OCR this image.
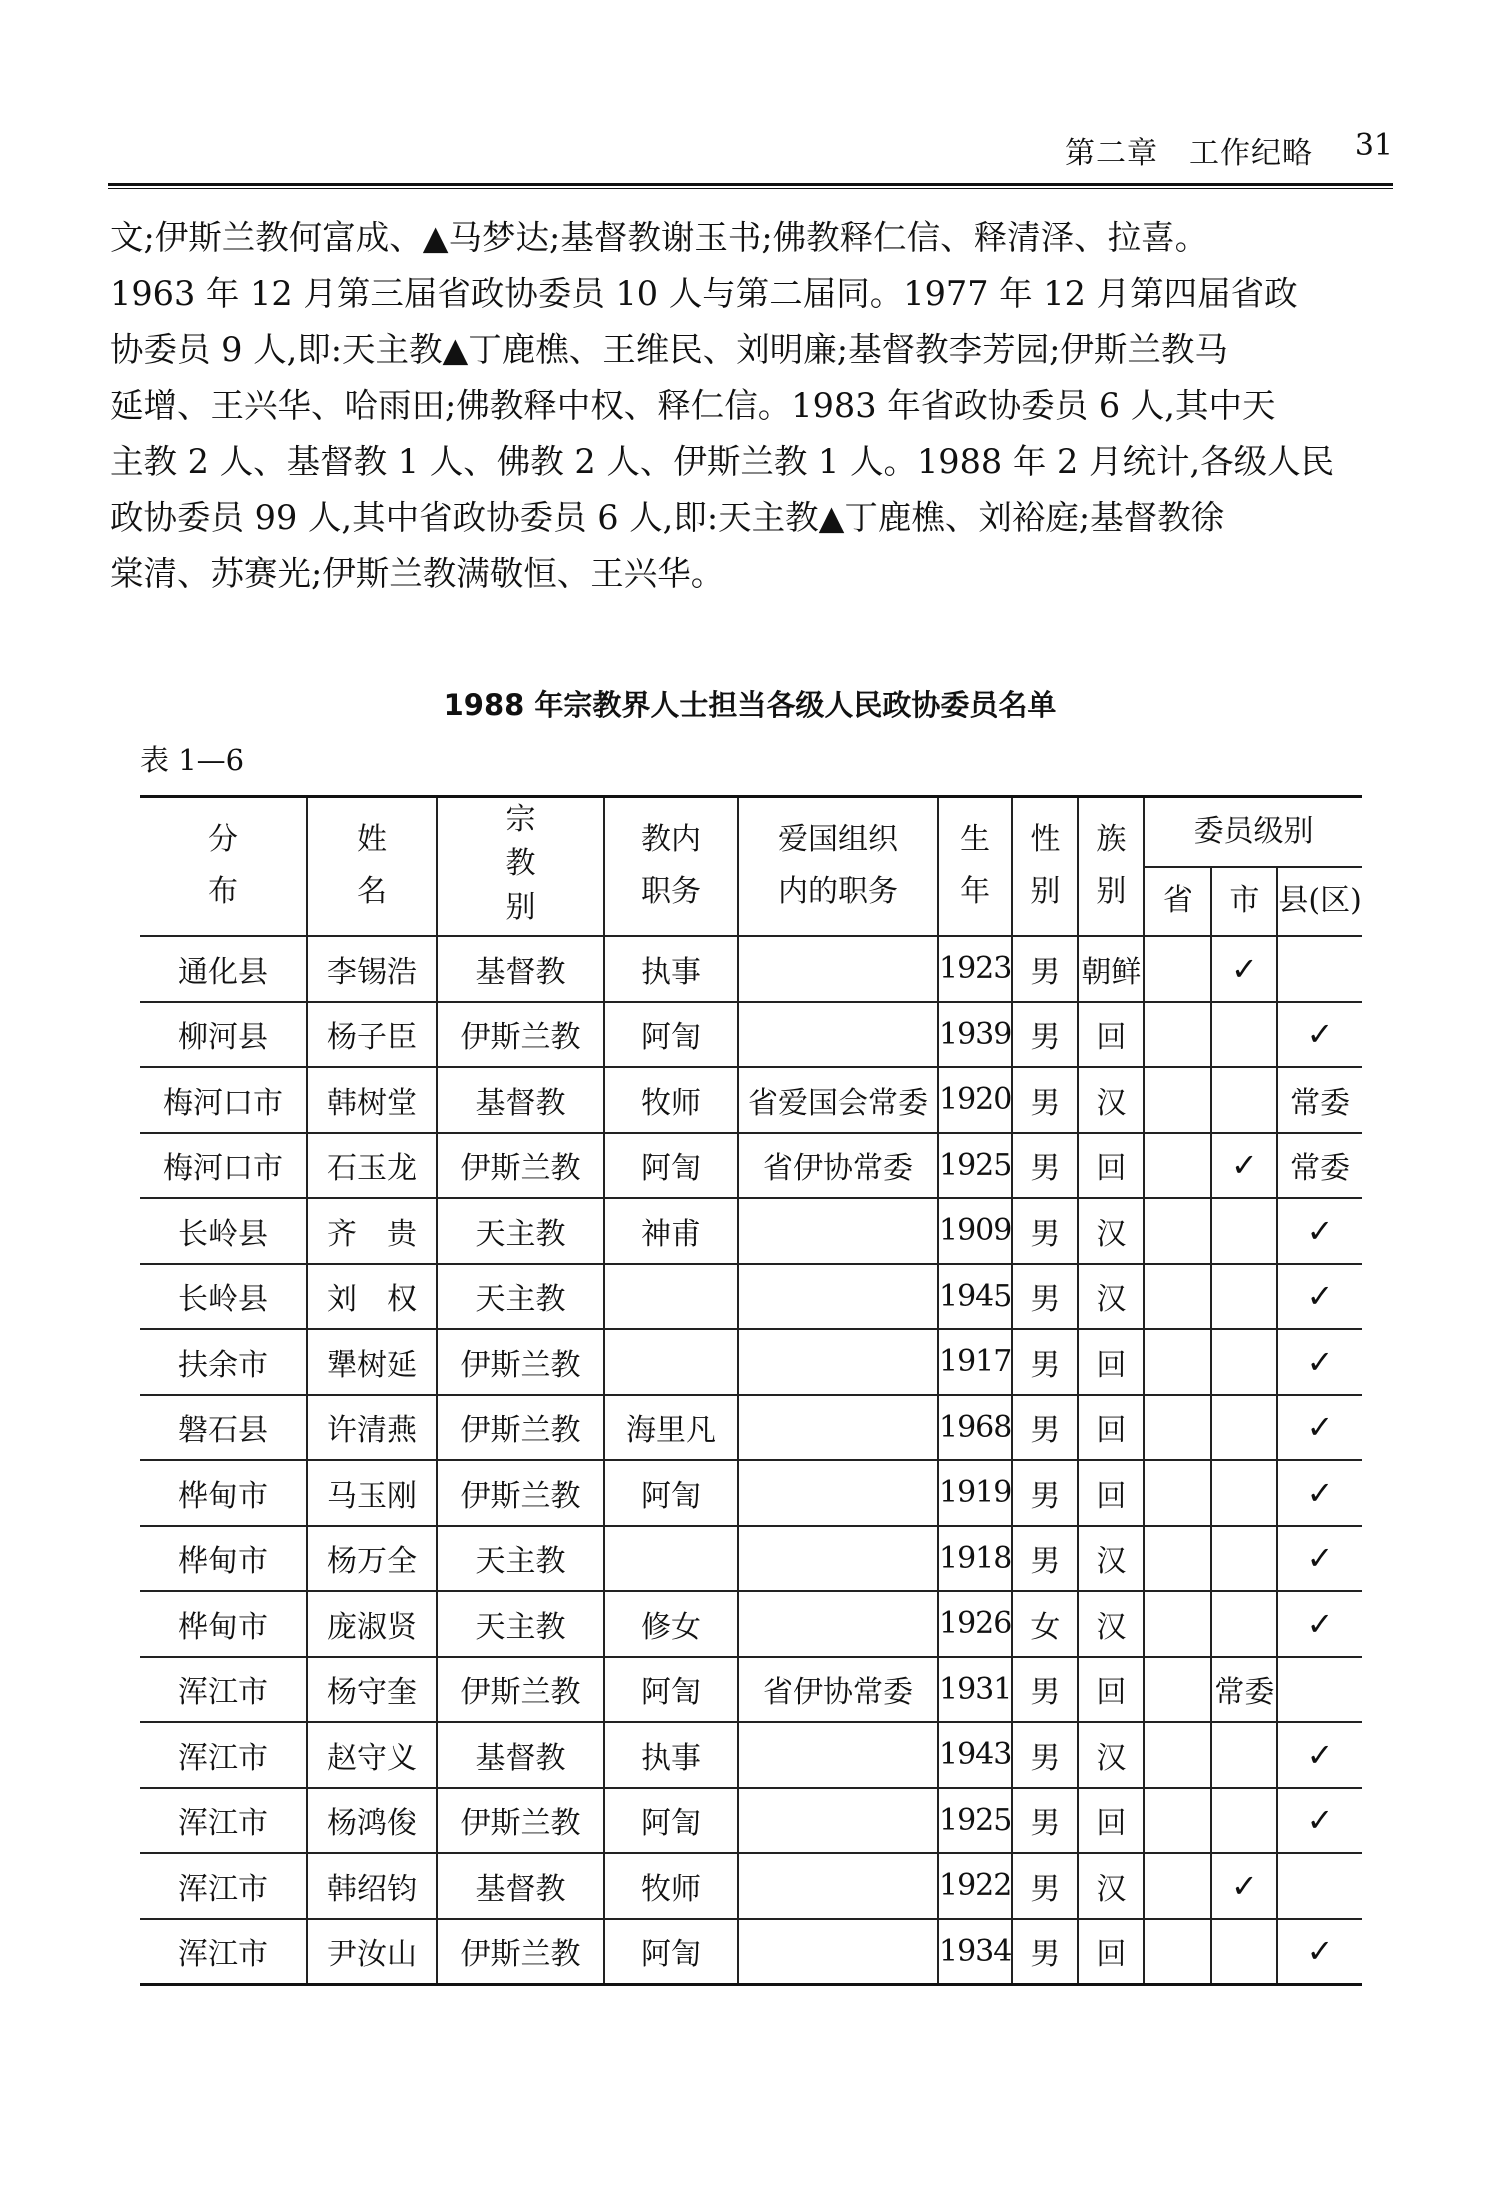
第二章  工作纪略 31

文;伊斯兰教何富成、▲马梦达;基督教谢玉书;佛教释仁信、释清泽、拉喜。

1963 年 12 月第三届省政协委员 10 人与第二届同。1977 年 12 月第四届省政

协委员 9 人,即:天主教▲丁鹿樵、王维民、刘明廉;基督教李芳园;伊斯兰教马

延增、王兴华、哈雨田;佛教释中权、释仁信。1983 年省政协委员 6 人,其中天

主教 2 人、基督教 1 人、佛教 2 人、伊斯兰教 1 人。1988 年 2 月统计,各级人民

政协委员 99 人,其中省政协委员 6 人,即:天主教▲丁鹿樵、刘裕庭;基督教徐

棠清、苏赛光;伊斯兰教满敬恒、王兴华。

1988 年宗教界人士担当各级人民政协委员名单
表 1—6
分
布	姓
名	宗
教
别	教内
职务	爱国组织
内的职务	生
年	性
别	族
别	委员级别		
								省	市	县(区)
通化县	李锡浩	基督教	执事		1923	男	朝鲜		✓	
柳河县	杨子臣	伊斯兰教	阿訇		1939	男	回			✓
梅河口市	韩树堂	基督教	牧师	省爱国会常委	1920	男	汉			常委
梅河口市	石玉龙	伊斯兰教	阿訇	省伊协常委	1925	男	回		✓	常委
长岭县	齐　贵	天主教	神甫		1909	男	汉			✓
长岭县	刘　权	天主教			1945	男	汉			✓
扶余市	犟树延	伊斯兰教			1917	男	回			✓
磐石县	许清燕	伊斯兰教	海里凡		1968	男	回			✓
桦甸市	马玉刚	伊斯兰教	阿訇		1919	男	回			✓
桦甸市	杨万全	天主教			1918	男	汉			✓
桦甸市	庞淑贤	天主教	修女		1926	女	汉			✓
浑江市	杨守奎	伊斯兰教	阿訇	省伊协常委	1931	男	回		常委	
浑江市	赵守义	基督教	执事		1943	男	汉			✓
浑江市	杨鸿俊	伊斯兰教	阿訇		1925	男	回			✓
浑江市	韩绍钧	基督教	牧师		1922	男	汉		✓	
浑江市	尹汝山	伊斯兰教	阿訇		1934	男	回			✓
